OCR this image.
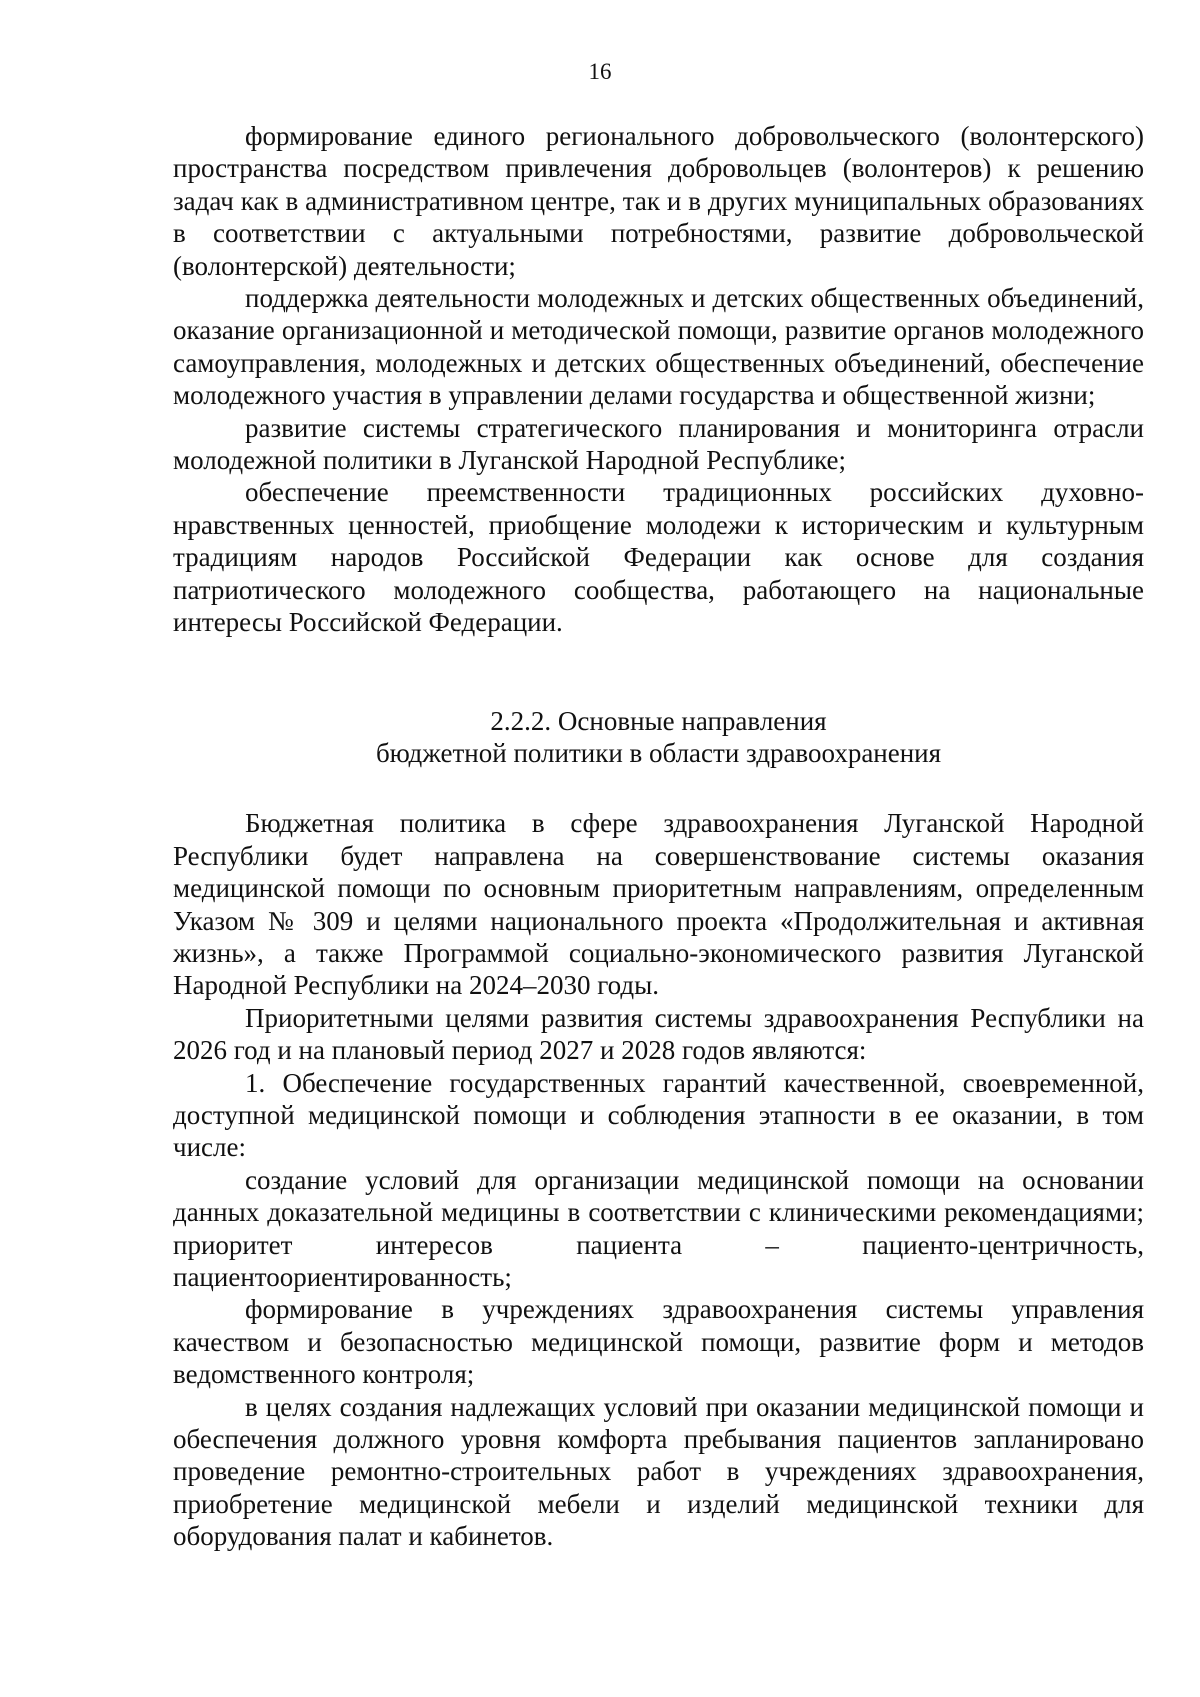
16

формирование единого регионального добровольческого (волонтерского) пространства посредством привлечения добровольцев (волонтеров) к решению задач как в административном центре, так и в других муниципальных образованиях в соответствии с актуальными потребностями, развитие добровольческой (волонтерской) деятельности;

поддержка деятельности молодежных и детских общественных объединений, оказание организационной и методической помощи, развитие органов молодежного самоуправления, молодежных и детских общественных объединений, обеспечение молодежного участия в управлении делами государства и общественной жизни;

развитие системы стратегического планирования и мониторинга отрасли молодежной политики в Луганской Народной Республике;

обеспечение преемственности традиционных российских духовно-нравственных ценностей, приобщение молодежи к историческим и культурным традициям народов Российской Федерации как основе для создания патриотического молодежного сообщества, работающего на национальные интересы Российской Федерации.

2.2.2. Основные направления
бюджетной политики в области здравоохранения

Бюджетная политика в сфере здравоохранения Луганской Народной Республики будет направлена на совершенствование системы оказания медицинской помощи по основным приоритетным направлениям, определенным Указом № 309 и целями национального проекта «Продолжительная и активная жизнь», а также Программой социально-экономического развития Луганской Народной Республики на 2024–2030 годы.

Приоритетными целями развития системы здравоохранения Республики на 2026 год и на плановый период 2027 и 2028 годов являются:

1. Обеспечение государственных гарантий качественной, своевременной, доступной медицинской помощи и соблюдения этапности в ее оказании, в том числе:

создание условий для организации медицинской помощи на основании данных доказательной медицины в соответствии с клиническими рекомендациями; приоритет интересов пациента – пациенто-центричность, пациентоориентированность;

формирование в учреждениях здравоохранения системы управления качеством и безопасностью медицинской помощи, развитие форм и методов ведомственного контроля;

в целях создания надлежащих условий при оказании медицинской помощи и обеспечения должного уровня комфорта пребывания пациентов запланировано проведение ремонтно-строительных работ в учреждениях здравоохранения, приобретение медицинской мебели и изделий медицинской техники для оборудования палат и кабинетов.
